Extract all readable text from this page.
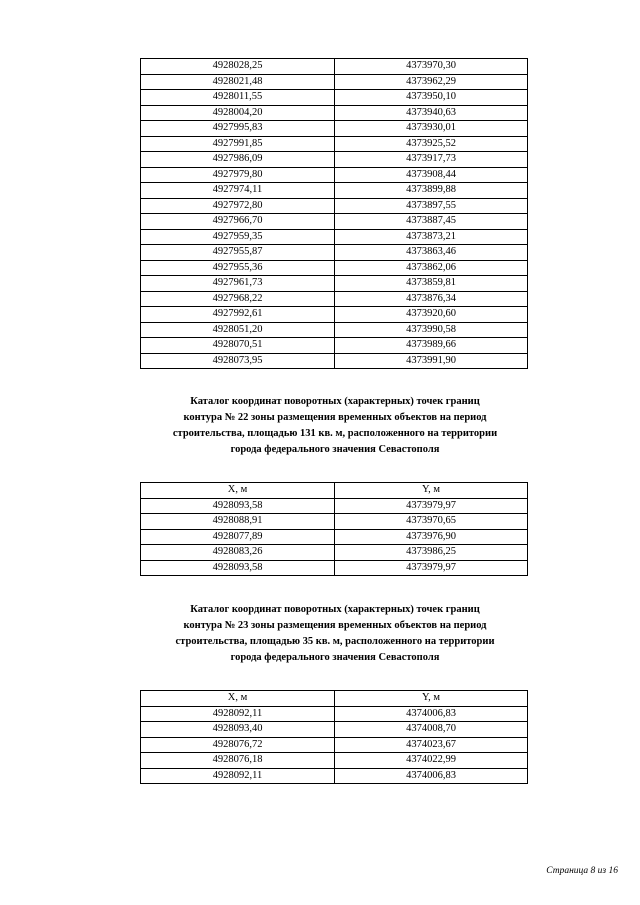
4928028,25	4373970,30
4928021,48	4373962,29
4928011,55	4373950,10
4928004,20	4373940,63
4927995,83	4373930,01
4927991,85	4373925,52
4927986,09	4373917,73
4927979,80	4373908,44
4927974,11	4373899,88
4927972,80	4373897,55
4927966,70	4373887,45
4927959,35	4373873,21
4927955,87	4373863,46
4927955,36	4373862,06
4927961,73	4373859,81
4927968,22	4373876,34
4927992,61	4373920,60
4928051,20	4373990,58
4928070,51	4373989,66
4928073,95	4373991,90
Каталог координат поворотных (характерных) точек границ
контура № 22 зоны размещения временных объектов на период
строительства, площадью 131 кв. м, расположенного на территории
города федерального значения Севастополя
X, м	Y, м
4928093,58	4373979,97
4928088,91	4373970,65
4928077,89	4373976,90
4928083,26	4373986,25
4928093,58	4373979,97
Каталог координат поворотных (характерных) точек границ
контура № 23 зоны размещения временных объектов на период
строительства, площадью 35 кв. м, расположенного на территории
города федерального значения Севастополя
X, м	Y, м
4928092,11	4374006,83
4928093,40	4374008,70
4928076,72	4374023,67
4928076,18	4374022,99
4928092,11	4374006,83
Страница 8 из 16
